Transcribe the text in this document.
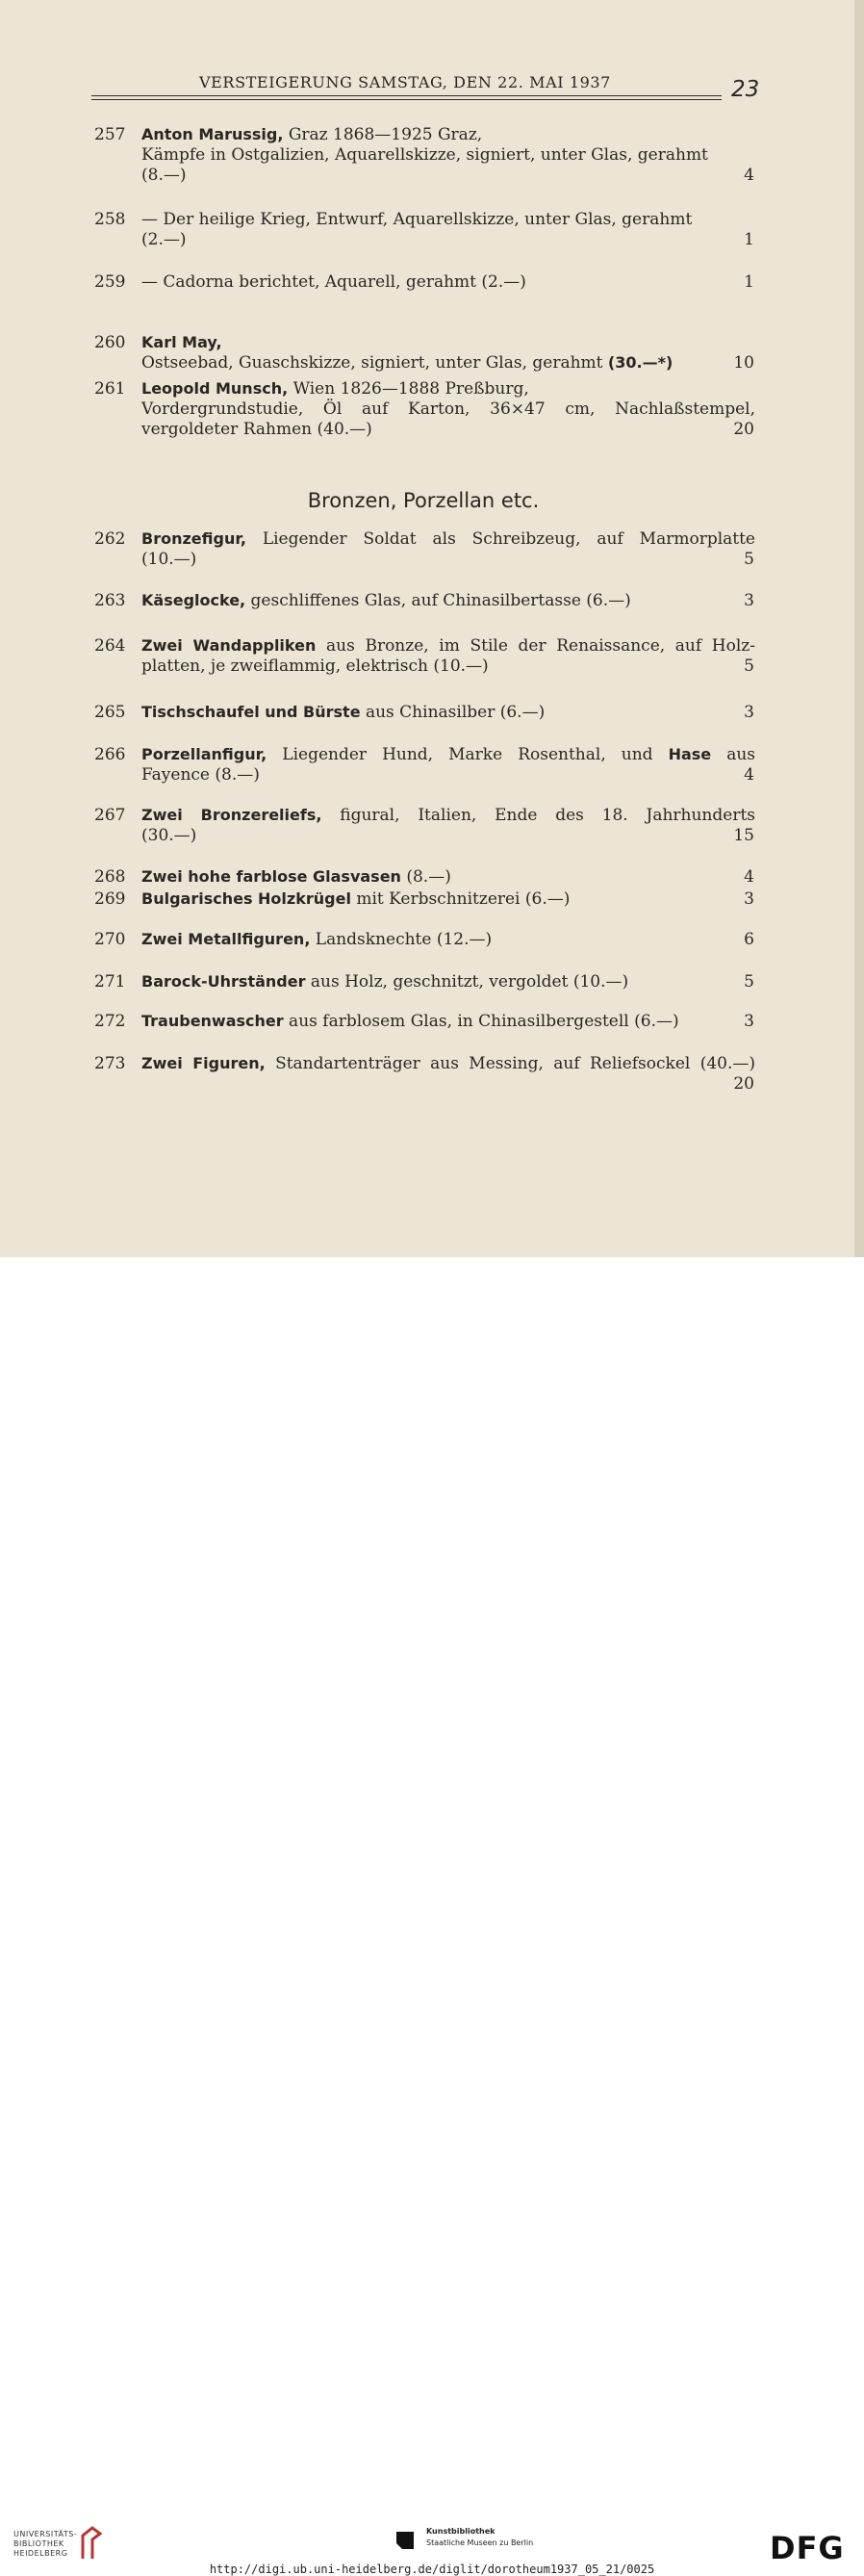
VERSTEIGERUNG SAMSTAG, DEN 22. MAI 1937	23
Bronzen, Porzellan etc.
257 Anton Marussig, Graz 1868—1925 Graz,
Kämpfe in Ostgalizien, Aquarellskizze, signiert, unter Glas, gerahmt
(8.—)	4
258 — Der heilige Krieg, Entwurf, Aquarellskizze, unter Glas, gerahmt
(2.—)	1
259 — Cadorna berichtet, Aquarell, gerahmt (2.—)	1
260 Karl May,
Ostseebad, Guaschskizze, signiert, unter Glas, gerahmt (30.—*)	10
261 Leopold Munsch, Wien 1826—1888 Preßburg,
Vordergrundstudie, Öl auf Karton, 36×47 cm, Nachlaßstempel,
vergoldeter Rahmen (40.—)	20
262 Bronzefigur, Liegender Soldat als Schreibzeug, auf Marmorplatte
(10.—)	5
263 Käseglocke, geschliffenes Glas, auf Chinasilbertasse (6.—)	3
264 Zwei Wandappliken aus Bronze, im Stile der Renaissance, auf Holz-
platten, je zweiflammig, elektrisch (10.—)	5
265 Tischschaufel und Bürste aus Chinasilber (6.—)	3
266 Porzellanfigur, Liegender Hund, Marke Rosenthal, und Hase aus
Fayence (8.—)	4
267 Zwei Bronzereliefs, figural, Italien, Ende des 18. Jahrhunderts
(30.—)	15
268 Zwei hohe farblose Glasvasen (8.—)	4
269 Bulgarisches Holzkrügel mit Kerbschnitzerei (6.—)	3
270 Zwei Metallfiguren, Landsknechte (12.—)	6
271 Barock-Uhrständer aus Holz, geschnitzt, vergoldet (10.—)	5
272 Traubenwascher aus farblosem Glas, in Chinasilbergestell (6.—)	3
273 Zwei Figuren, Standartenträger aus Messing, auf Reliefsockel (40.—)
20
UNIVERSITÄTS-
BIBLIOTHEK
HEIDELBERG
Kunstbibliothek
Staatliche Museen zu Berlin	DFG
http://digi.ub.uni-heidelberg.de/diglit/dorotheum1937_05_21/0025
